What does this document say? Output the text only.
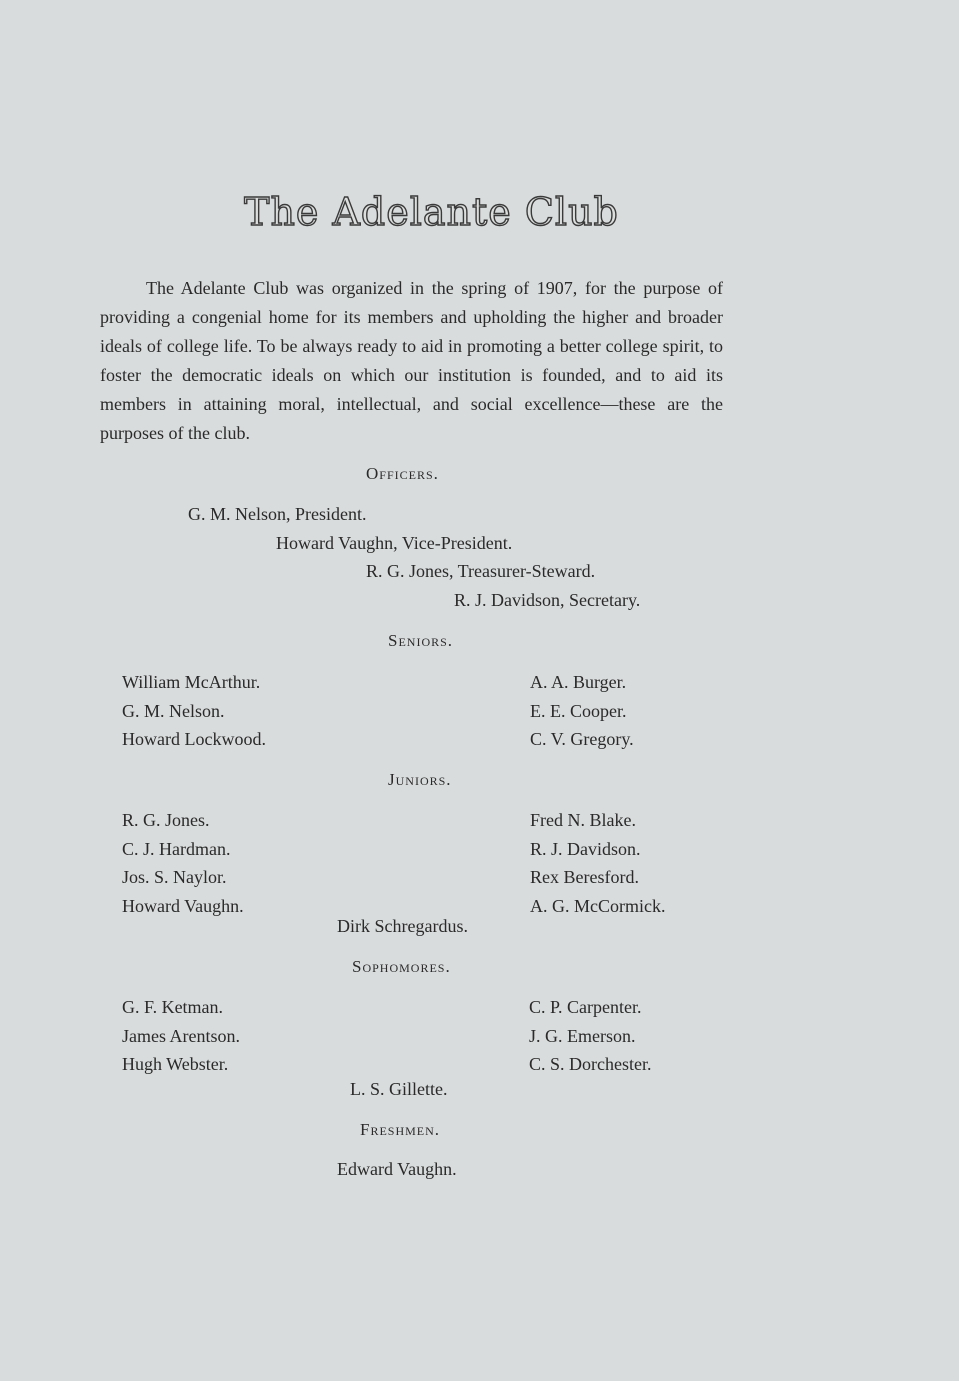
The Adelante Club

The Adelante Club was organized in the spring of 1907, for the purpose of providing a congenial home for its members and upholding the higher and broader ideals of college life. To be always ready to aid in promoting a better college spirit, to foster the democratic ideals on which our institution is founded, and to aid its members in attaining moral, intellectual, and social excellence—these are the purposes of the club.

Officers.
G. M. Nelson, President.
Howard Vaughn, Vice-President.
R. G. Jones, Treasurer-Steward.
R. J. Davidson, Secretary.
Seniors.
William McArthur.
G. M. Nelson.
Howard Lockwood.
A. A. Burger.
E. E. Cooper.
C. V. Gregory.
Juniors.
R. G. Jones.
C. J. Hardman.
Jos. S. Naylor.
Howard Vaughn.
Fred N. Blake.
R. J. Davidson.
Rex Beresford.
A. G. McCormick.
Dirk Schregardus.
Sophomores.
G. F. Ketman.
James Arentson.
Hugh Webster.
C. P. Carpenter.
J. G. Emerson.
C. S. Dorchester.
L. S. Gillette.
Freshmen.
Edward Vaughn.
